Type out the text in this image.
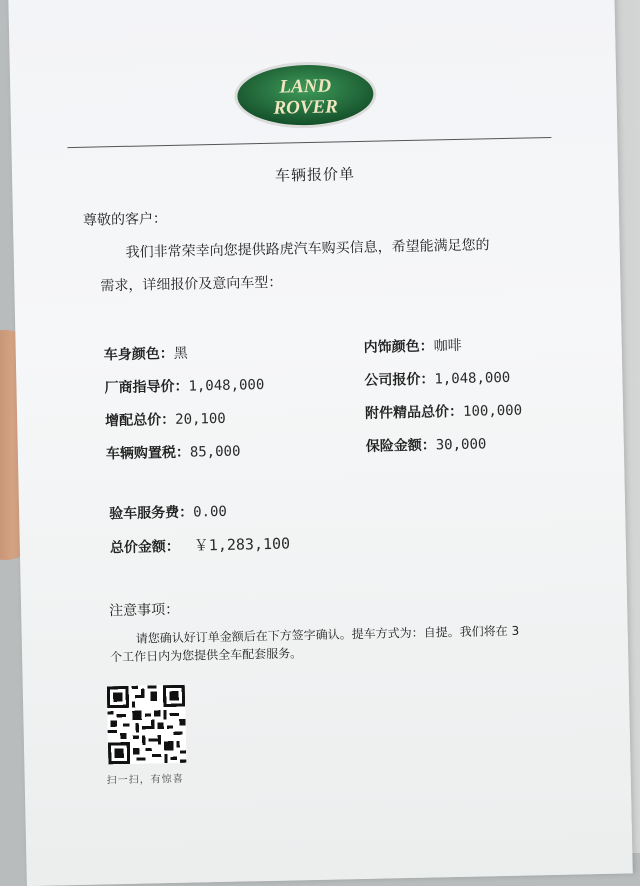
LAND
ROVER
车辆报价单
尊敬的客户：
我们非常荣幸向您提供路虎汽车购买信息，希望能满足您的
需求，详细报价及意向车型：
车身颜色：黑
厂商指导价：1,048,000
增配总价：20,100
车辆购置税：85,000
内饰颜色：咖啡
公司报价：1,048,000
附件精品总价：100,000
保险金额：30,000
验车服务费：0.00
总价金额： ￥1,283,100
注意事项：
请您确认好订单金额后在下方签字确认。提车方式为：自提。我们将在 3
个工作日内为您提供全车配套服务。
扫一扫，有惊喜
